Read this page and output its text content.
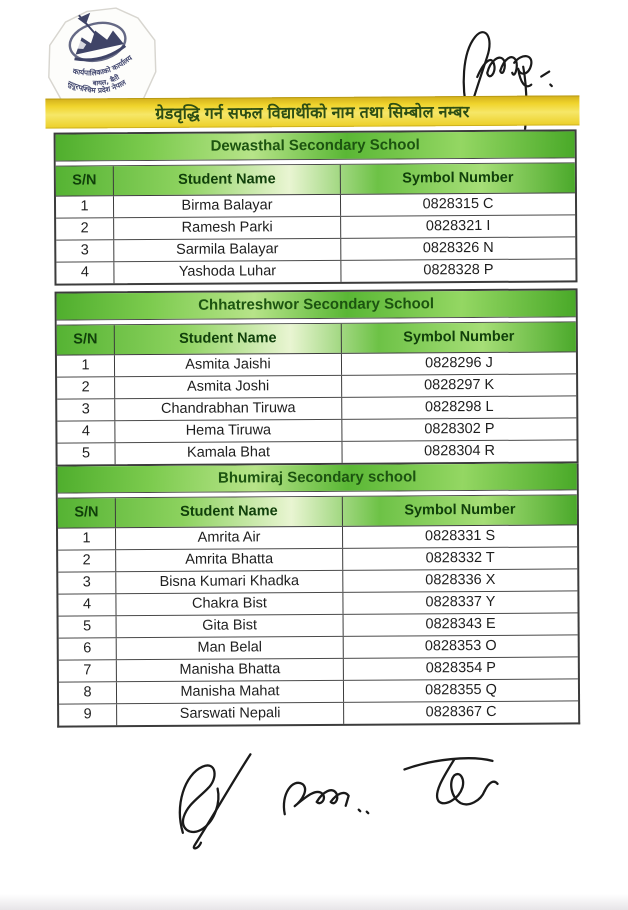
कार्यपालिकाको कार्यालय
बायल, बैती
सुदूरपश्चिम प्रदेश नेपाल
ग्रेडवृद्धि गर्न सफल विद्यार्थीको नाम तथा सिम्बोल नम्बर
Dewasthal Secondary School
S/N	Student Name	Symbol Number
1	Birma Balayar	0828315 C
2	Ramesh Parki	0828321 I
3	Sarmila Balayar	0828326 N
4	Yashoda Luhar	0828328 P
Chhatreshwor Secondary School
S/N	Student Name	Symbol Number
1	Asmita Jaishi	0828296 J
2	Asmita Joshi	0828297 K
3	Chandrabhan Tiruwa	0828298 L
4	Hema Tiruwa	0828302 P
5	Kamala Bhat	0828304 R
Bhumiraj Secondary school
S/N	Student Name	Symbol Number
1	Amrita Air	0828331 S
2	Amrita Bhatta	0828332 T
3	Bisna Kumari Khadka	0828336 X
4	Chakra Bist	0828337 Y
5	Gita Bist	0828343 E
6	Man Belal	0828353 O
7	Manisha Bhatta	0828354 P
8	Manisha Mahat	0828355 Q
9	Sarswati Nepali	0828367 C
